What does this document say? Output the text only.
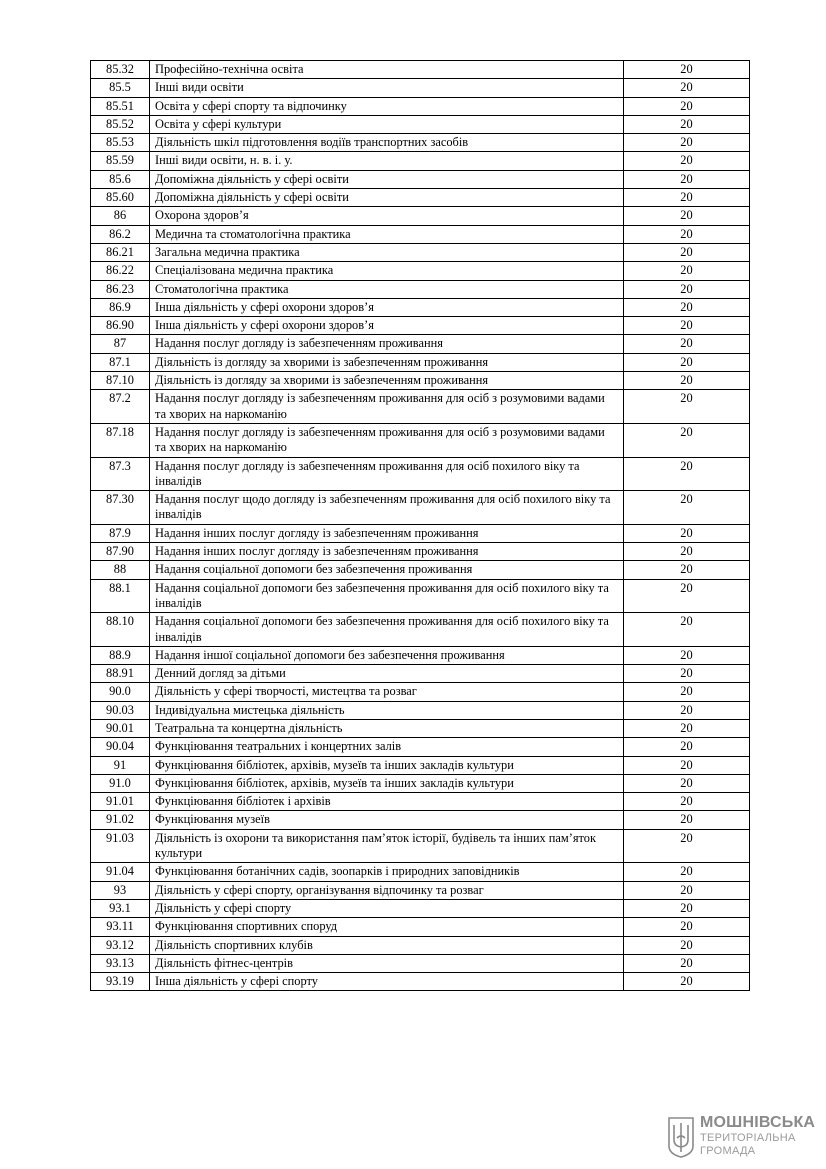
85.32	Професійно-технічна освіта	20
85.5	Інші види освіти	20
85.51	Освіта у сфері спорту та відпочинку	20
85.52	Освіта у сфері культури	20
85.53	Діяльність шкіл підготовлення водіїв транспортних засобів	20
85.59	Інші види освіти, н. в. і. у.	20
85.6	Допоміжна діяльність у сфері освіти	20
85.60	Допоміжна діяльність у сфері освіти	20
86	Охорона здоров’я	20
86.2	Медична та стоматологічна практика	20
86.21	Загальна медична практика	20
86.22	Спеціалізована медична практика	20
86.23	Стоматологічна практика	20
86.9	Інша діяльність у сфері охорони здоров’я	20
86.90	Інша діяльність у сфері охорони здоров’я	20
87	Надання послуг догляду із забезпеченням проживання	20
87.1	Діяльність із догляду за хворими із забезпеченням проживання	20
87.10	Діяльність із догляду за хворими із забезпеченням проживання	20
87.2	Надання послуг догляду із забезпеченням проживання для осіб з розумовими вадами та хворих на наркоманію	20
87.18	Надання послуг догляду із забезпеченням проживання для осіб з розумовими вадами та хворих на наркоманію	20
87.3	Надання послуг догляду із забезпеченням проживання для осіб похилого віку та інвалідів	20
87.30	Надання послуг щодо догляду із забезпеченням проживання для осіб похилого віку та інвалідів	20
87.9	Надання інших послуг догляду із забезпеченням проживання	20
87.90	Надання інших послуг догляду із забезпеченням проживання	20
88	Надання соціальної допомоги без забезпечення проживання	20
88.1	Надання соціальної допомоги без забезпечення проживання для осіб похилого віку та інвалідів	20
88.10	Надання соціальної допомоги без забезпечення проживання для осіб похилого віку та інвалідів	20
88.9	Надання іншої соціальної допомоги без забезпечення проживання	20
88.91	Денний догляд за дітьми	20
90.0	Діяльність у сфері творчості, мистецтва та розваг	20
90.03	Індивідуальна мистецька діяльність	20
90.01	Театральна та концертна діяльність	20
90.04	Функціювання театральних і концертних залів	20
91	Функціювання бібліотек, архівів, музеїв та інших закладів культури	20
91.0	Функціювання бібліотек, архівів, музеїв та інших закладів культури	20
91.01	Функціювання бібліотек і архівів	20
91.02	Функціювання музеїв	20
91.03	Діяльність із охорони та використання пам’яток історії, будівель та інших пам’яток культури	20
91.04	Функціювання ботанічних садів, зоопарків і природних заповідників	20
93	Діяльність у сфері спорту, організування відпочинку та розваг	20
93.1	Діяльність у сфері спорту	20
93.11	Функціювання спортивних споруд	20
93.12	Діяльність спортивних клубів	20
93.13	Діяльність фітнес-центрів	20
93.19	Інша діяльність у сфері спорту	20
МОШНІВСЬКА
ТЕРИТОРІАЛЬНА
ГРОМАДА
